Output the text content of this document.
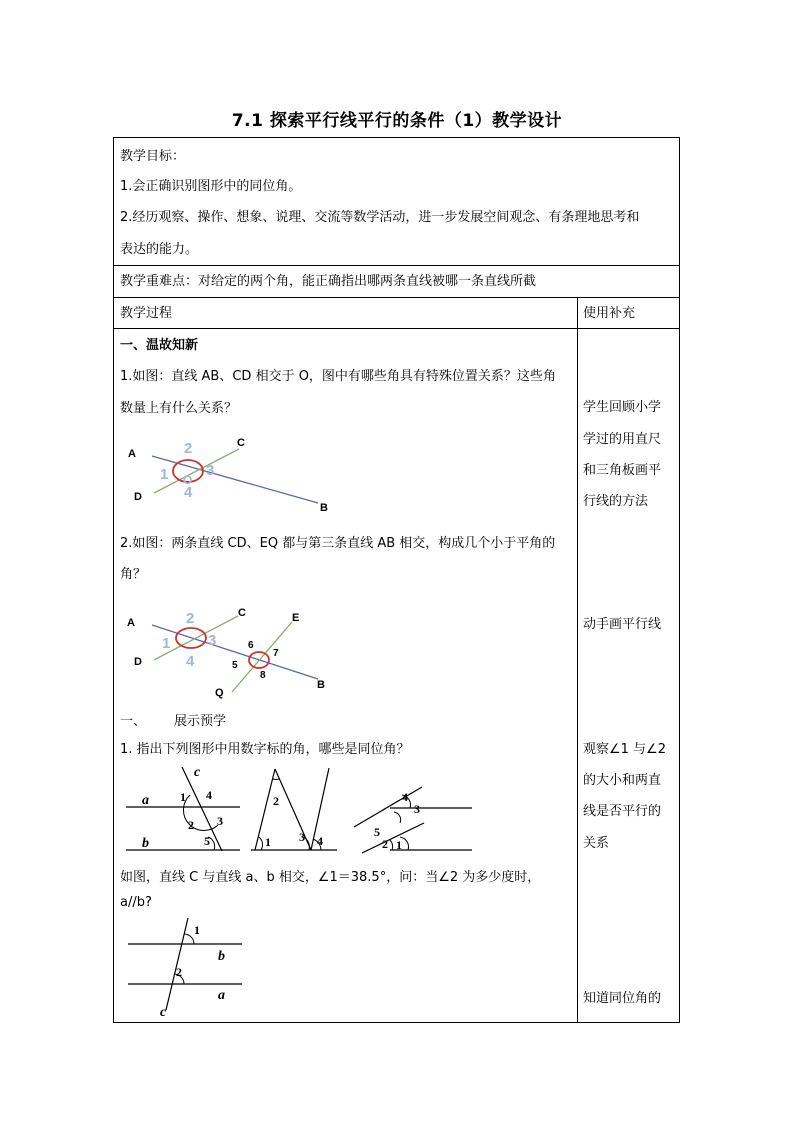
7.1 探索平行线平行的条件（1）教学设计
教学目标：
1.会正确识别图形中的同位角。
2.经历观察、操作、想象、说理、交流等数学活动，进一步发展空间观念、有条理地思考和
表达的能力。
教学重难点：对给定的两个角，能正确指出哪两条直线被哪一条直线所截
教学过程	使用补充
一、温故知新
1.如图：直线 AB、CD 相交于 O，图中有哪些角具有特殊位置关系？这些角
数量上有什么关系？
A
B
C
D
O
2
1	3
4
2.如图：两条直线 CD、EQ 都与第三条直线 AB 相交，构成几个小于平角的
角？
A
B
C
D
E
Q
2
1	3
4
6
7
5
8
一、 展示预学
1. 指出下列图形中用数字标的角，哪些是同位角？
a
b
c
1 4
3
2
5	1
2
3 4
4
3
5
2 1
如图，直线 C 与直线 a、b 相交，∠1＝38.5°，问：当∠2 为多少度时，
a//b?
1
2
b
a
c
学生回顾小学
学过的用直尺
和三角板画平
行线的方法
动手画平行线
观察∠1 与∠2
的大小和两直
线是否平行的
关系
知道同位角的
